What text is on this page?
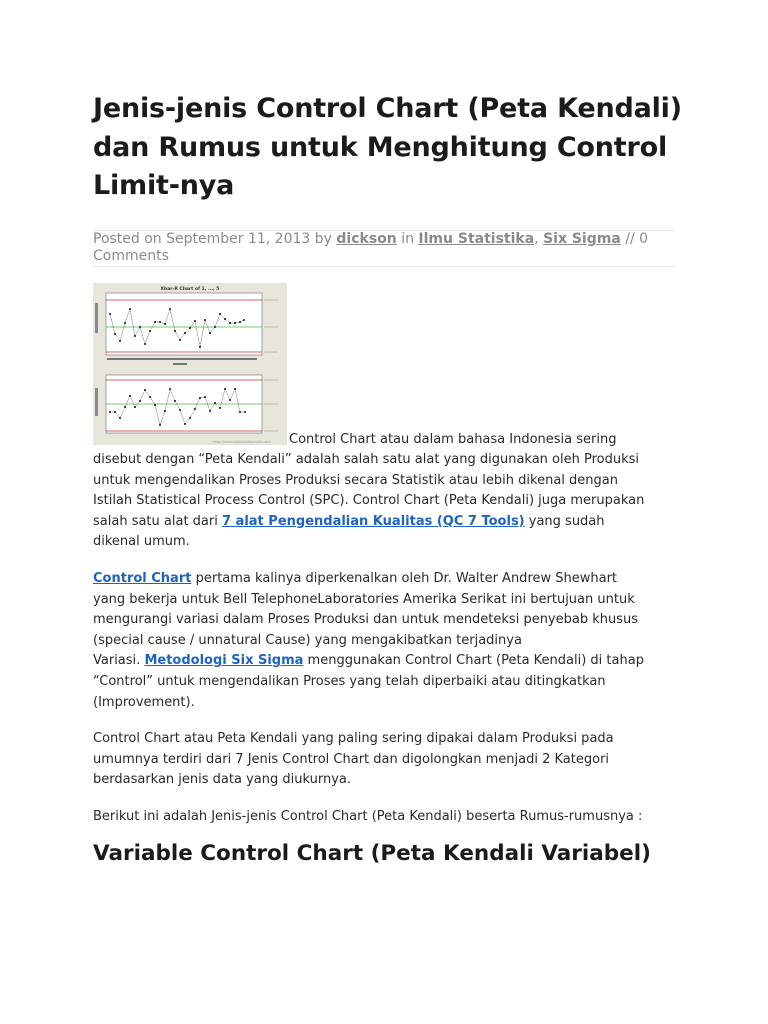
Jenis-jenis Control Chart (Peta Kendali) dan Rumus untuk Menghitung Control Limit-nya
Posted on September 11, 2013 by dickson in Ilmu Statistika, Six Sigma // 0 Comments
Xbar-R Chart of 1, ..., 5
http://www.pitahasiltechnik.com Control Chart atau dalam bahasa Indonesia sering
disebut dengan “Peta Kendali” adalah salah satu alat yang digunakan oleh Produksi
untuk mengendalikan Proses Produksi secara Statistik atau lebih dikenal dengan
Istilah Statistical Process Control (SPC). Control Chart (Peta Kendali) juga merupakan
salah satu alat dari 7 alat Pengendalian Kualitas (QC 7 Tools) yang sudah
dikenal umum.
Control Chart pertama kalinya diperkenalkan oleh Dr. Walter Andrew Shewhart
yang bekerja untuk Bell TelephoneLaboratories Amerika Serikat ini bertujuan untuk
mengurangi variasi dalam Proses Produksi dan untuk mendeteksi penyebab khusus
(special cause / unnatural Cause) yang mengakibatkan terjadinya
Variasi. Metodologi Six Sigma menggunakan Control Chart (Peta Kendali) di tahap
“Control” untuk mengendalikan Proses yang telah diperbaiki atau ditingkatkan
(Improvement).
Control Chart atau Peta Kendali yang paling sering dipakai dalam Produksi pada
umumnya terdiri dari 7 Jenis Control Chart dan digolongkan menjadi 2 Kategori
berdasarkan jenis data yang diukurnya.
Berikut ini adalah Jenis-jenis Control Chart (Peta Kendali) beserta Rumus-rumusnya :
Variable Control Chart (Peta Kendali Variabel)
